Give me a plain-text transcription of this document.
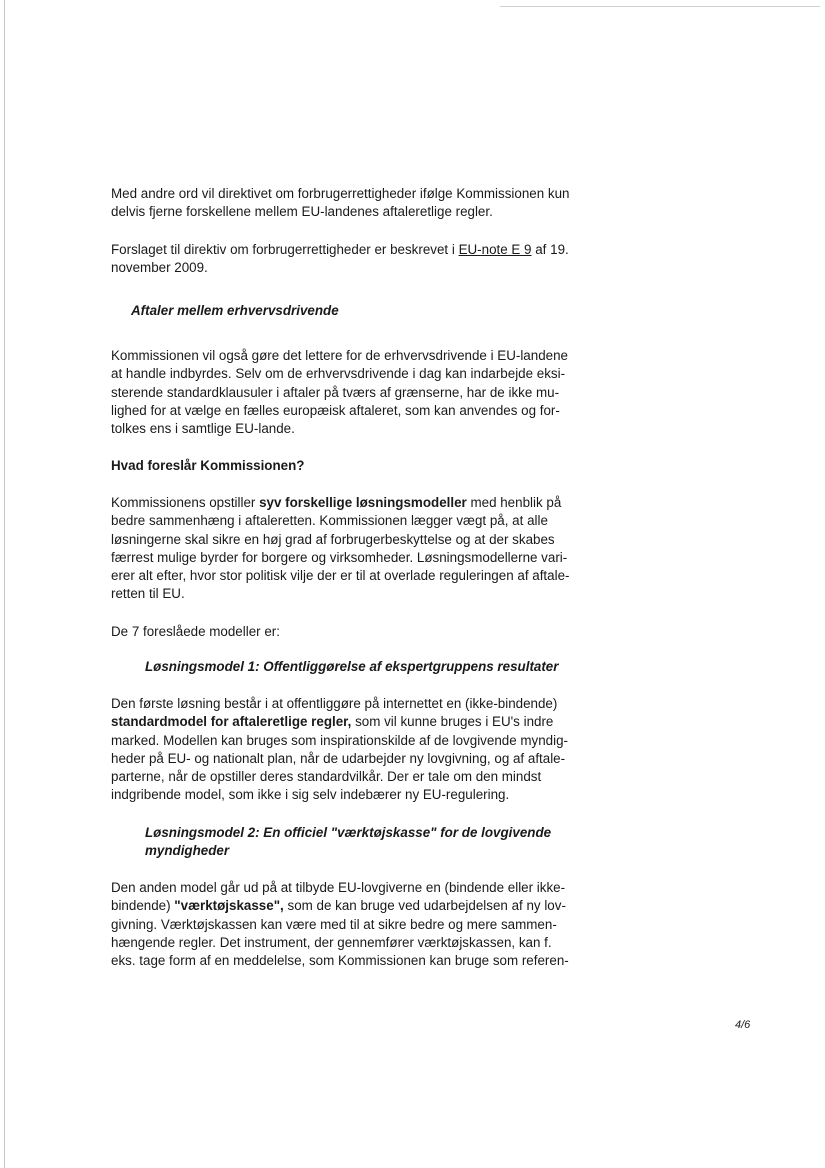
Med andre ord vil direktivet om forbrugerrettigheder ifølge Kommissionen kun
delvis fjerne forskellene mellem EU-landenes aftaleretlige regler.
Forslaget til direktiv om forbrugerrettigheder er beskrevet i EU-note E 9 af 19.
november 2009.
Aftaler mellem erhvervsdrivende
Kommissionen vil også gøre det lettere for de erhvervsdrivende i EU-landene
at handle indbyrdes. Selv om de erhvervsdrivende i dag kan indarbejde eksi-
sterende standardklausuler i aftaler på tværs af grænserne, har de ikke mu-
lighed for at vælge en fælles europæisk aftaleret, som kan anvendes og for-
tolkes ens i samtlige EU-lande.
Hvad foreslår Kommissionen?
Kommissionens opstiller syv forskellige løsningsmodeller med henblik på
bedre sammenhæng i aftaleretten. Kommissionen lægger vægt på, at alle
løsningerne skal sikre en høj grad af forbrugerbeskyttelse og at der skabes
færrest mulige byrder for borgere og virksomheder. Løsningsmodellerne vari-
erer alt efter, hvor stor politisk vilje der er til at overlade reguleringen af aftale-
retten til EU.
De 7 foreslåede modeller er:
Løsningsmodel 1: Offentliggørelse af ekspertgruppens resultater
Den første løsning består i at offentliggøre på internettet en (ikke-bindende)
standardmodel for aftaleretlige regler, som vil kunne bruges i EU's indre
marked. Modellen kan bruges som inspirationskilde af de lovgivende myndig-
heder på EU- og nationalt plan, når de udarbejder ny lovgivning, og af aftale-
parterne, når de opstiller deres standardvilkår. Der er tale om den mindst
indgribende model, som ikke i sig selv indebærer ny EU-regulering.
Løsningsmodel 2: En officiel "værktøjskasse" for de lovgivende
myndigheder
Den anden model går ud på at tilbyde EU-lovgiverne en (bindende eller ikke-
bindende) "værktøjskasse", som de kan bruge ved udarbejdelsen af ny lov-
givning. Værktøjskassen kan være med til at sikre bedre og mere sammen-
hængende regler. Det instrument, der gennemfører værktøjskassen, kan f.
eks. tage form af en meddelelse, som Kommissionen kan bruge som referen-
4/6
